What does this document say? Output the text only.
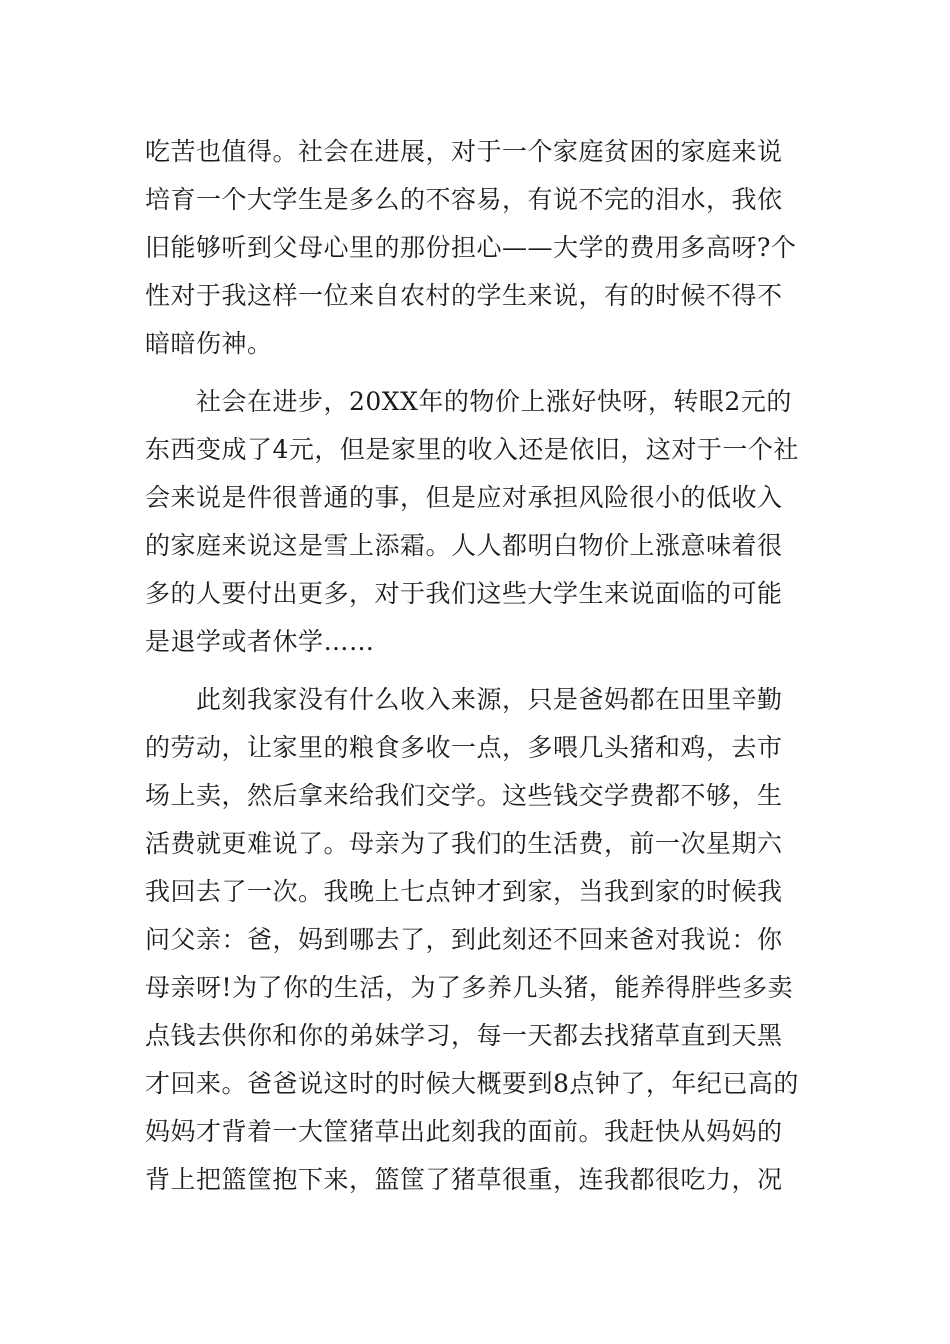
吃苦也值得。社会在进展，对于一个家庭贫困的家庭来说
培育一个大学生是多么的不容易，有说不完的泪水，我依
旧能够听到父母心里的那份担心——大学的费用多高呀?个
性对于我这样一位来自农村的学生来说，有的时候不得不
暗暗伤神。
　　社会在进步，20XX年的物价上涨好快呀，转眼2元的
东西变成了4元，但是家里的收入还是依旧，这对于一个社
会来说是件很普通的事，但是应对承担风险很小的低收入
的家庭来说这是雪上添霜。人人都明白物价上涨意味着很
多的人要付出更多，对于我们这些大学生来说面临的可能
是退学或者休学……
　　此刻我家没有什么收入来源，只是爸妈都在田里辛勤
的劳动，让家里的粮食多收一点，多喂几头猪和鸡，去市
场上卖，然后拿来给我们交学。这些钱交学费都不够，生
活费就更难说了。母亲为了我们的生活费，前一次星期六
我回去了一次。我晚上七点钟才到家，当我到家的时候我
问父亲：爸，妈到哪去了，到此刻还不回来爸对我说：你
母亲呀!为了你的生活，为了多养几头猪，能养得胖些多卖
点钱去供你和你的弟妹学习，每一天都去找猪草直到天黑
才回来。爸爸说这时的时候大概要到8点钟了，年纪已高的
妈妈才背着一大筐猪草出此刻我的面前。我赶快从妈妈的
背上把篮筐抱下来，篮筐了猪草很重，连我都很吃力，况
